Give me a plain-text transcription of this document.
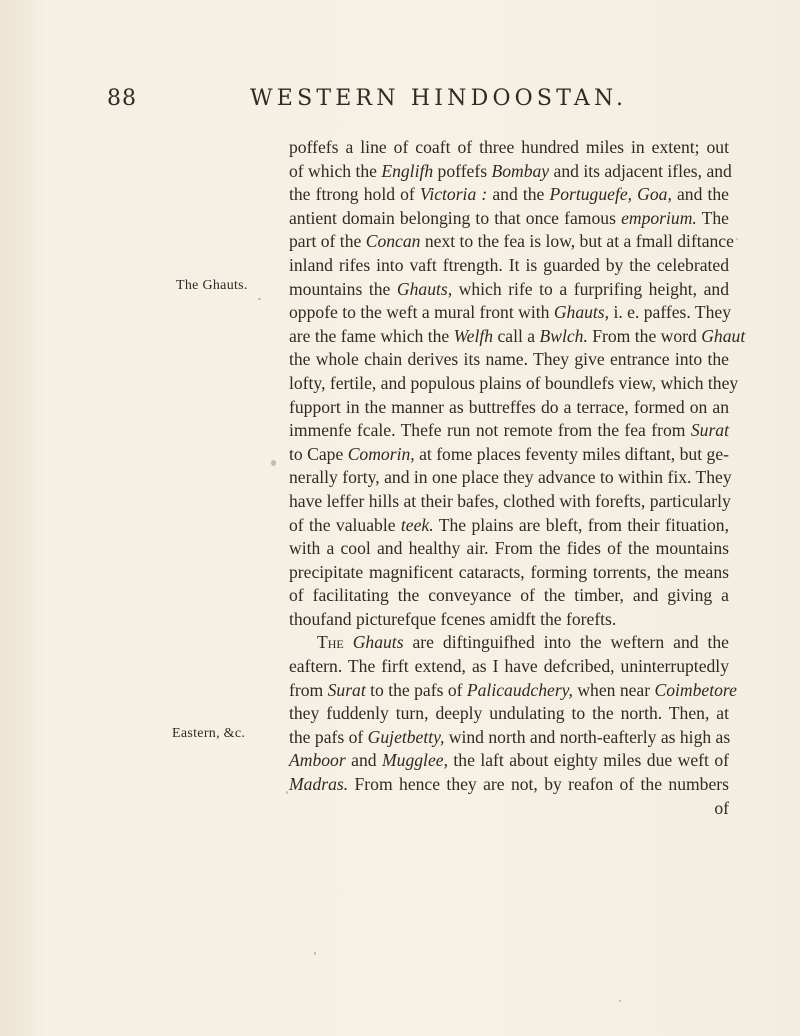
88	WESTERN HINDOOSTAN.
The Ghauts.
Eastern, &c.
poffefs a line of coaft of three hundred miles in extent; out
of which the Englifh poffefs Bombay and its adjacent ifles, and
the ftrong hold of Victoria : and the Portuguefe, Goa, and the
antient domain belonging to that once famous emporium. The
part of the Concan next to the fea is low, but at a fmall diftance
inland rifes into vaft ftrength. It is guarded by the celebrated
mountains the Ghauts, which rife to a furprifing height, and
oppofe to the weft a mural front with Ghauts, i. e. paffes. They
are the fame which the Welfh call a Bwlch. From the word Ghaut
the whole chain derives its name. They give entrance into the
lofty, fertile, and populous plains of boundlefs view, which they
fupport in the manner as buttreffes do a terrace, formed on an
immenfe fcale. Thefe run not remote from the fea from Surat
to Cape Comorin, at fome places feventy miles diftant, but ge-
nerally forty, and in one place they advance to within fix. They
have leffer hills at their bafes, clothed with forefts, particularly
of the valuable teek. The plains are bleft, from their fituation,
with a cool and healthy air. From the fides of the mountains
precipitate magnificent cataracts, forming torrents, the means
of facilitating the conveyance of the timber, and giving a
thoufand picturefque fcenes amidft the forefts.
The Ghauts are diftinguifhed into the weftern and the
eaftern. The firft extend, as I have defcribed, uninterruptedly
from Surat to the pafs of Palicaudchery, when near Coimbetore
they fuddenly turn, deeply undulating to the north. Then, at
the pafs of Gujetbetty, wind north and north-eafterly as high as
Amboor and Mugglee, the laft about eighty miles due weft of
Madras. From hence they are not, by reafon of the numbers
of
